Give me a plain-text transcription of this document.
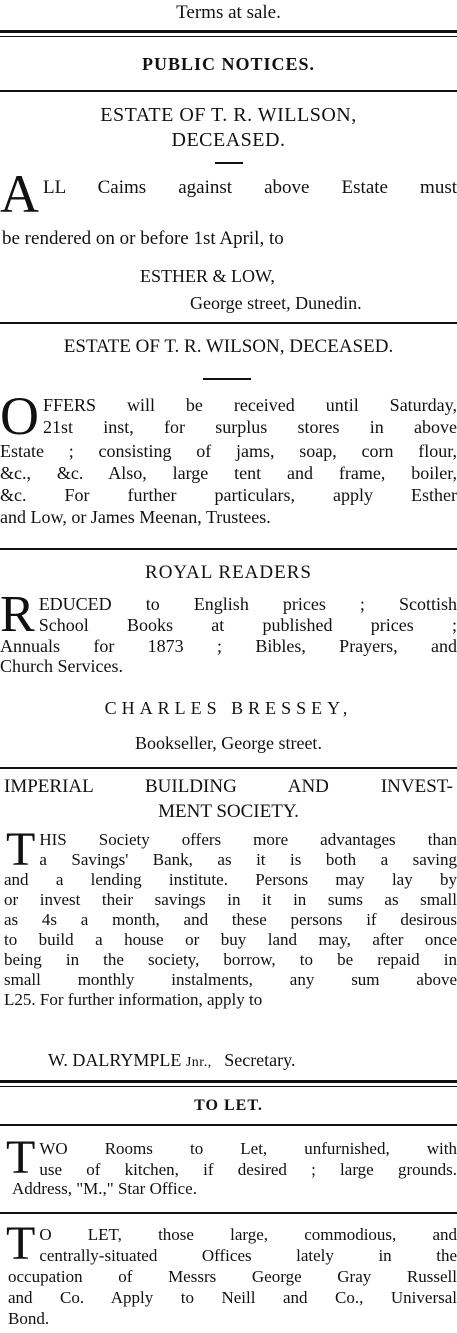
Terms at sale.
PUBLIC NOTICES.
ESTATE OF T. R. WILLSON,
DECEASED.
A LL Caims against above Estate must
be rendered on or before 1st April, to
ESTHER & LOW,
George street, Dunedin.
ESTATE OF T. R. WILSON, DECEASED.
O FFERS will be received until Saturday,
21st inst, for surplus stores in above
Estate ; consisting of jams, soap, corn flour,
&c., &c. Also, large tent and frame, boiler,
&c. For further particulars, apply Esther
and Low, or James Meenan, Trustees.
ROYAL READERS
R EDUCED to English prices ; Scottish
School Books at published prices ;
Annuals for 1873 ; Bibles, Prayers, and
Church Services.
CHARLES BRESSEY,
Bookseller, George street.
IMPERIAL BUILDING AND INVEST-
MENT SOCIETY.
T HIS Society offers more advantages than
a Savings' Bank, as it is both a saving
and a lending institute. Persons may lay by
or invest their savings in it in sums as small
as 4s a month, and these persons if desirous
to build a house or buy land may, after once
being in the society, borrow, to be repaid in
small monthly instalments, any sum above
L25. For further information, apply to
W. DALRYMPLE Jnr., Secretary.
TO LET.
T WO Rooms to Let, unfurnished, with
use of kitchen, if desired ; large grounds.
Address, "M.," Star Office.
T O LET, those large, commodious, and
centrally-situated Offices lately in the
occupation of Messrs George Gray Russell
and Co. Apply to Neill and Co., Universal
Bond.
